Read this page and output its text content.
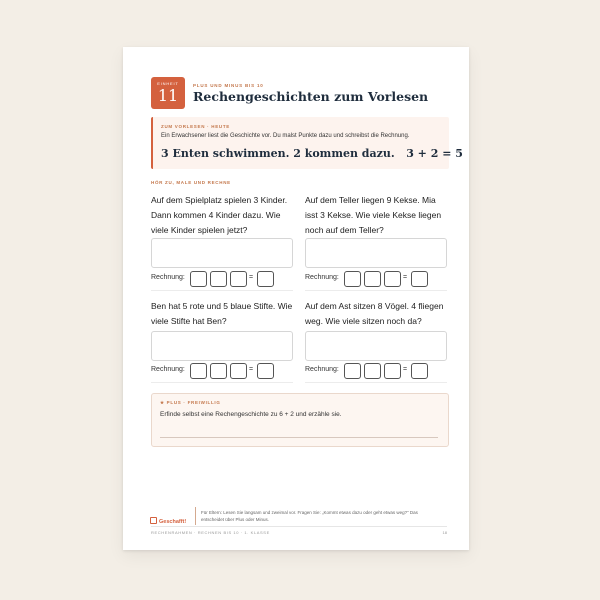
EINHEIT
11
PLUS UND MINUS BIS 10
Rechengeschichten zum Vorlesen
ZUM VORLESEN · HEUTE
Ein Erwachsener liest die Geschichte vor. Du malst Punkte dazu und schreibst die Rechnung.
3 Enten schwimmen. 2 kommen dazu. 3 + 2 = 5
HÖR ZU, MALE UND RECHNE
Auf dem Spielplatz spielen 3 Kinder. Dann kommen 4 Kinder dazu. Wie viele Kinder spielen jetzt?
Rechnung:	=
Auf dem Teller liegen 9 Kekse. Mia isst 3 Kekse. Wie viele Kekse liegen noch auf dem Teller?
Rechnung:	=
Ben hat 5 rote und 5 blaue Stifte. Wie viele Stifte hat Ben?
Rechnung:	=
Auf dem Ast sitzen 8 Vögel. 4 fliegen weg. Wie viele sitzen noch da?
Rechnung:	=
★ PLUS · FREIWILLIG
Erfinde selbst eine Rechengeschichte zu 6 + 2 und erzähle sie.
Geschafft!
Für Eltern: Lesen Sie langsam und zweimal vor. Fragen Sie: „Kommt etwas dazu oder geht etwas weg?“ Das entscheidet über Plus oder Minus.
RECHENRAHMEN · RECHNEN BIS 10 · 1. KLASSE	18
